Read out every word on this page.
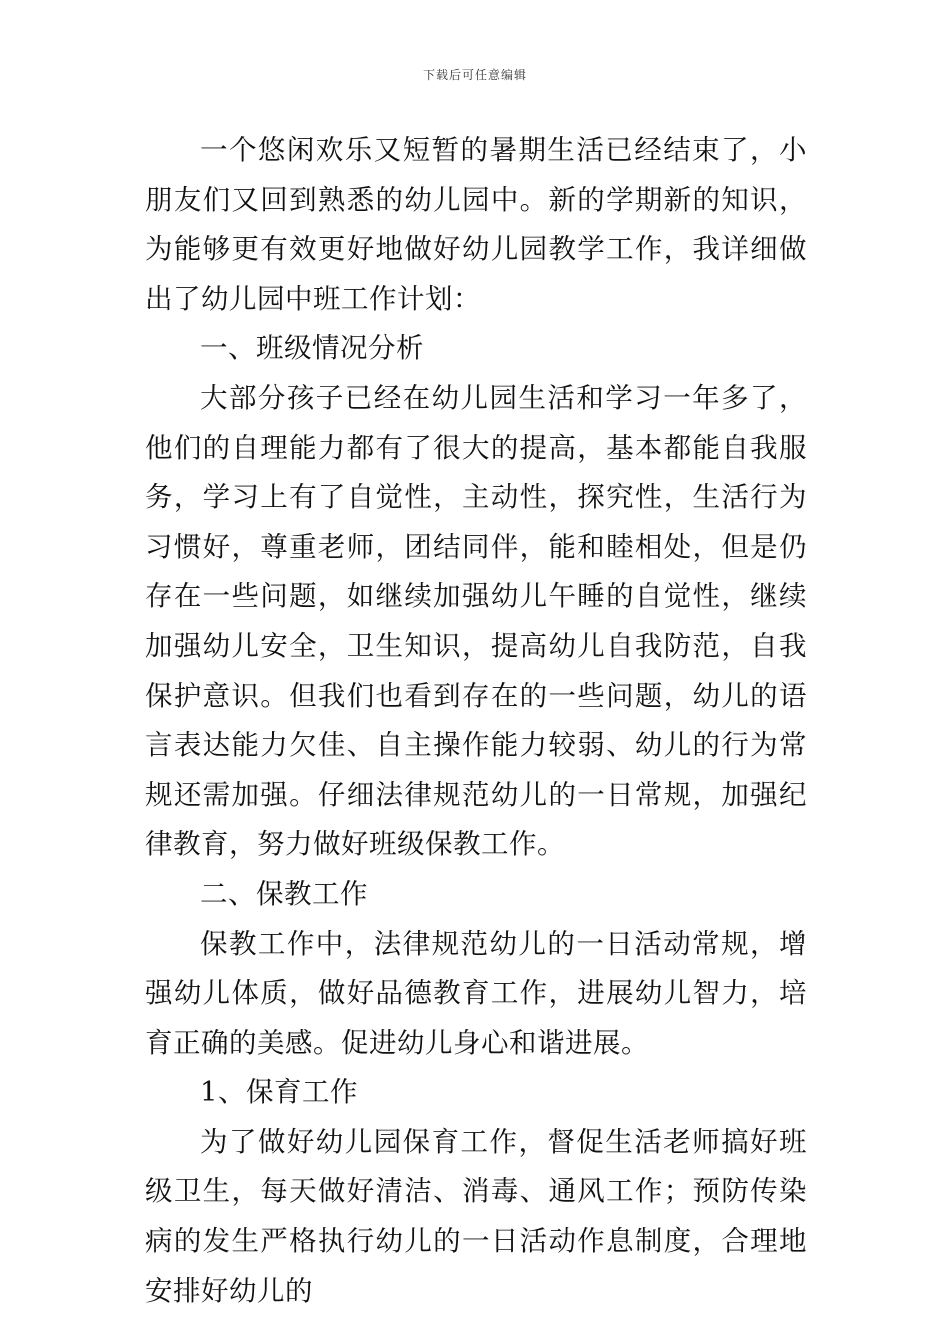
下载后可任意编辑

一个悠闲欢乐又短暂的暑期生活已经结束了，小朋友们又回到熟悉的幼儿园中。新的学期新的知识，为能够更有效更好地做好幼儿园教学工作，我详细做出了幼儿园中班工作计划：

一、班级情况分析

大部分孩子已经在幼儿园生活和学习一年多了，他们的自理能力都有了很大的提高，基本都能自我服务，学习上有了自觉性，主动性，探究性，生活行为习惯好，尊重老师，团结同伴，能和睦相处，但是仍存在一些问题，如继续加强幼儿午睡的自觉性，继续加强幼儿安全，卫生知识，提高幼儿自我防范，自我保护意识。但我们也看到存在的一些问题，幼儿的语言表达能力欠佳、自主操作能力较弱、幼儿的行为常规还需加强。仔细法律规范幼儿的一日常规，加强纪律教育，努力做好班级保教工作。

二、保教工作

保教工作中，法律规范幼儿的一日活动常规，增强幼儿体质，做好品德教育工作，进展幼儿智力，培育正确的美感。促进幼儿身心和谐进展。

1、保育工作

为了做好幼儿园保育工作，督促生活老师搞好班级卫生，每天做好清洁、消毒、通风工作；预防传染病的发生严格执行幼儿的一日活动作息制度，合理地安排好幼儿的
